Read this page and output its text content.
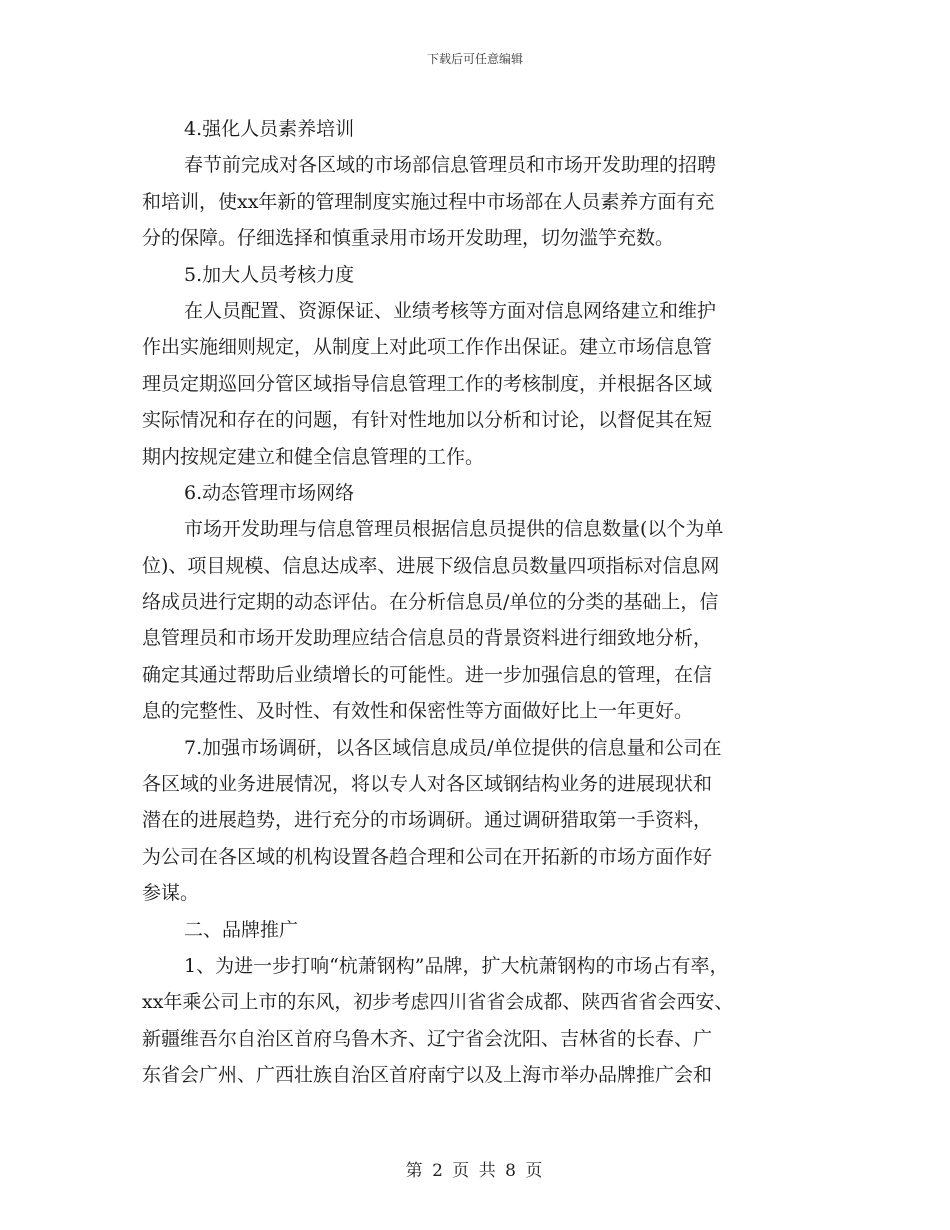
下载后可任意编辑
4.强化人员素养培训
春节前完成对各区域的市场部信息管理员和市场开发助理的招聘
和培训，使xx年新的管理制度实施过程中市场部在人员素养方面有充
分的保障。仔细选择和慎重录用市场开发助理，切勿滥竽充数。
5.加大人员考核力度
在人员配置、资源保证、业绩考核等方面对信息网络建立和维护
作出实施细则规定，从制度上对此项工作作出保证。建立市场信息管
理员定期巡回分管区域指导信息管理工作的考核制度，并根据各区域
实际情况和存在的问题，有针对性地加以分析和讨论，以督促其在短
期内按规定建立和健全信息管理的工作。
6.动态管理市场网络
市场开发助理与信息管理员根据信息员提供的信息数量(以个为单
位)、项目规模、信息达成率、进展下级信息员数量四项指标对信息网
络成员进行定期的动态评估。在分析信息员/单位的分类的基础上，信
息管理员和市场开发助理应结合信息员的背景资料进行细致地分析，
确定其通过帮助后业绩增长的可能性。进一步加强信息的管理，在信
息的完整性、及时性、有效性和保密性等方面做好比上一年更好。
7.加强市场调研，以各区域信息成员/单位提供的信息量和公司在
各区域的业务进展情况，将以专人对各区域钢结构业务的进展现状和
潜在的进展趋势，进行充分的市场调研。通过调研猎取第一手资料，
为公司在各区域的机构设置各趋合理和公司在开拓新的市场方面作好
参谋。
二、品牌推广
1、为进一步打响“杭萧钢构”品牌，扩大杭萧钢构的市场占有率，
xx年乘公司上市的东风，初步考虑四川省省会成都、陕西省省会西安、
新疆维吾尔自治区首府乌鲁木齐、辽宁省会沈阳、吉林省的长春、广
东省会广州、广西壮族自治区首府南宁以及上海市举办品牌推广会和
第 2 页 共 8 页
